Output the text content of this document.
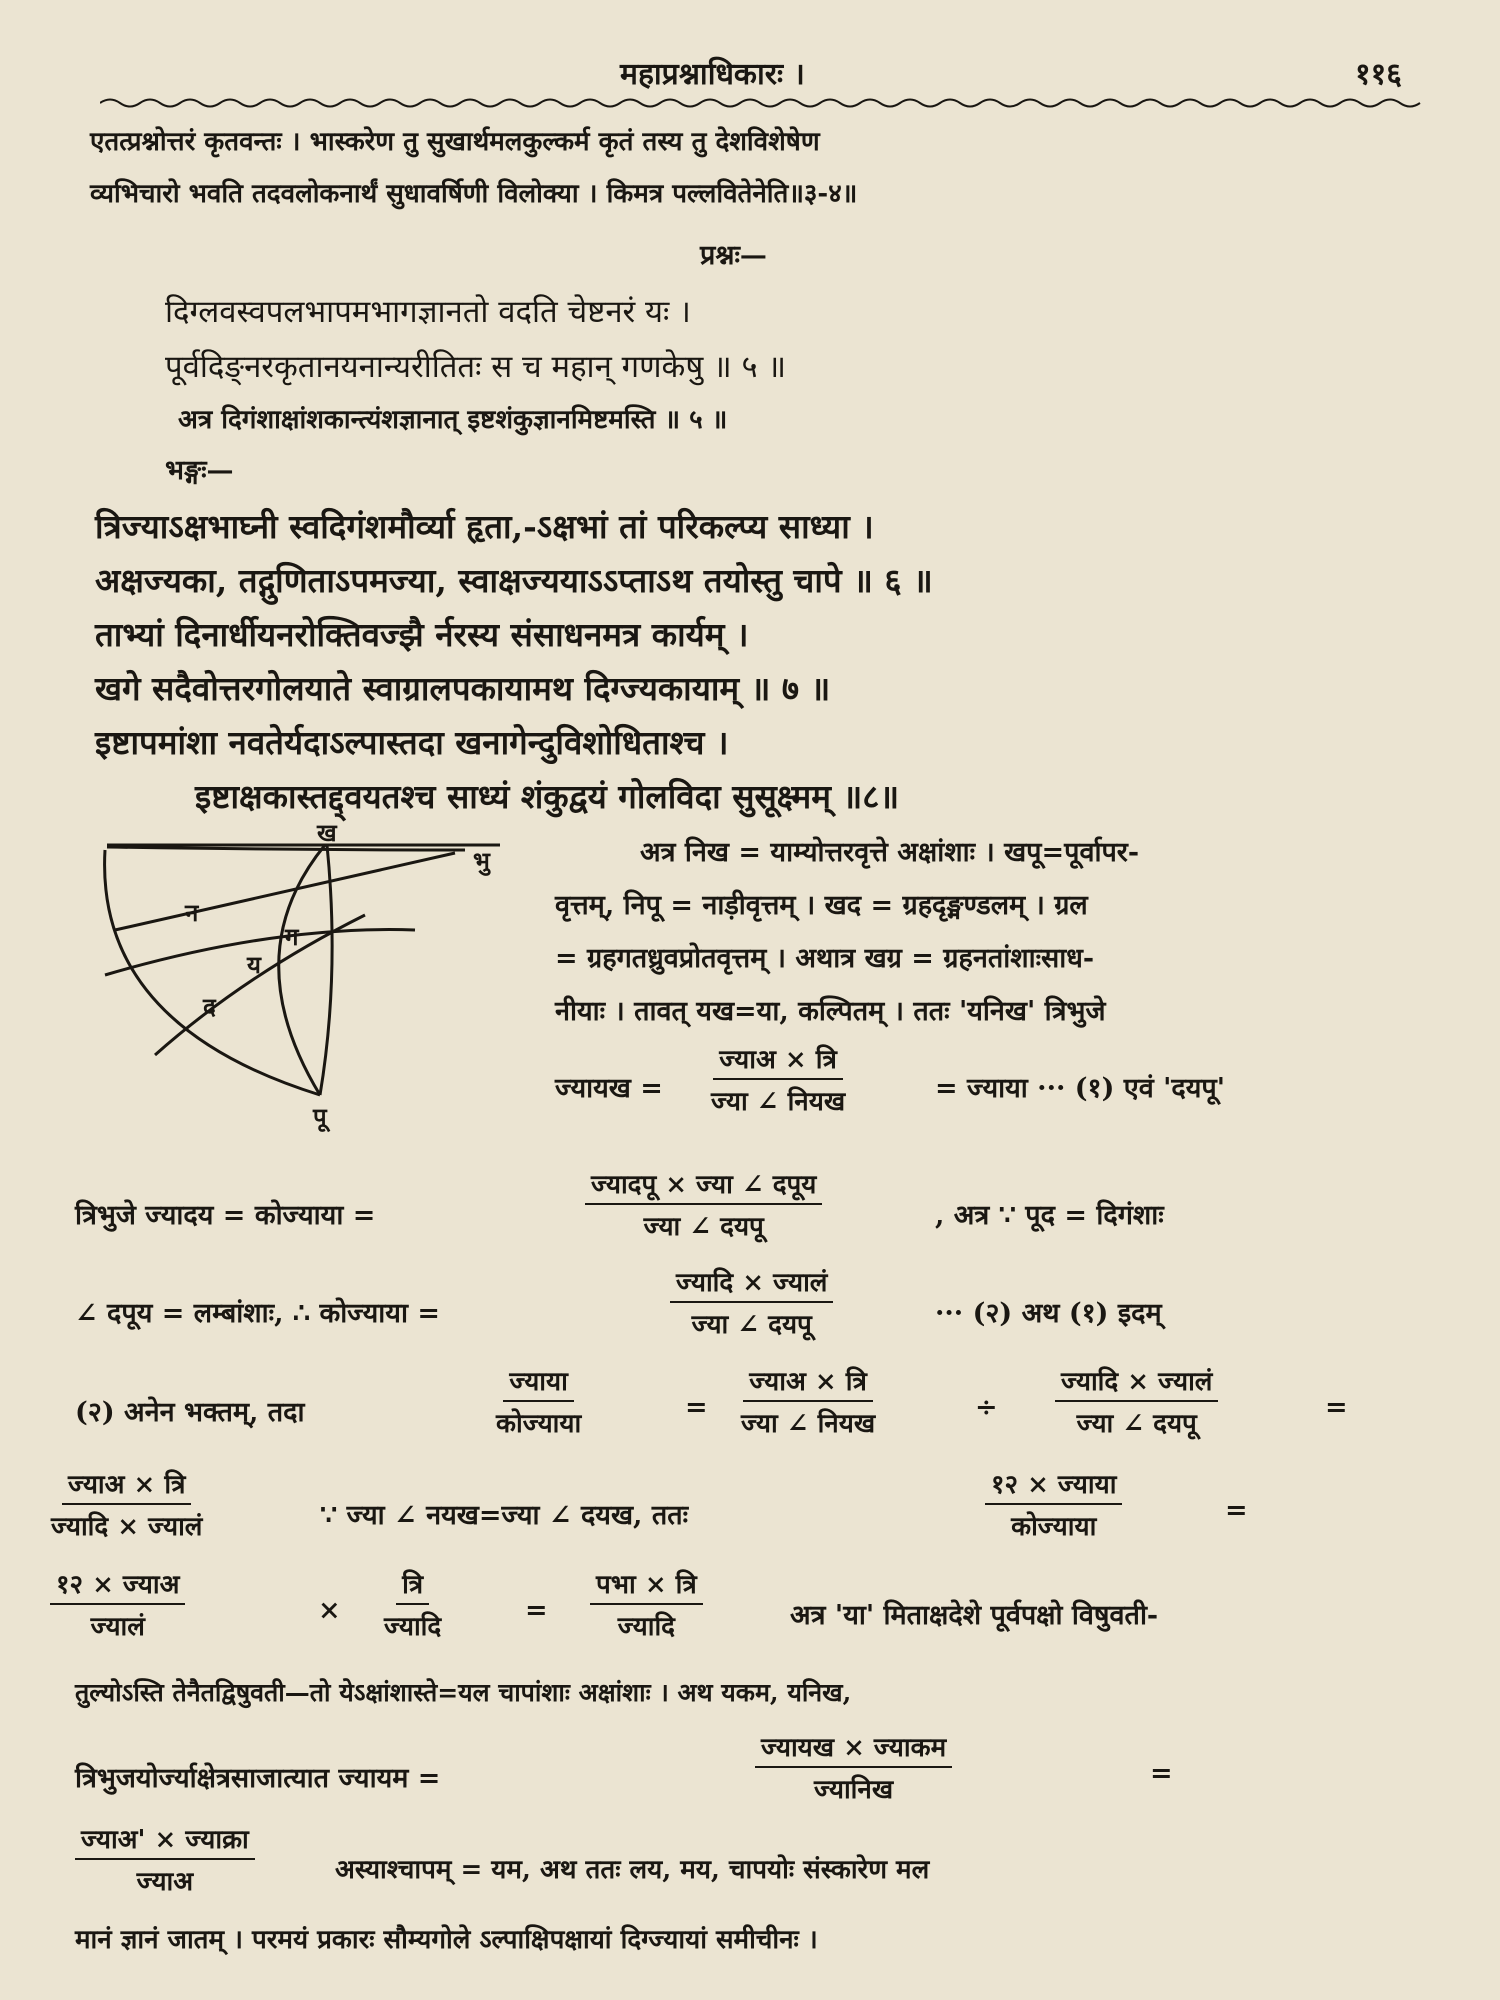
महाप्रश्नाधिकारः ।	११६
एतत्प्रश्नोत्तरं कृतवन्तः । भास्करेण तु सुखार्थमलकुल्कर्म कृतं तस्य तु देशविशेषेण
व्यभिचारो भवति तदवलोकनार्थं सुधावर्षिणी विलोक्या । किमत्र पल्लवितेनेति॥३-४॥
प्रश्नः—
दिग्लवस्वपलभापमभागज्ञानतो वदति चेष्टनरं यः ।
पूर्वदिङ्नरकृतानयनान्यरीतितः स च महान् गणकेषु ॥ ५ ॥
अत्र दिगंशाक्षांशकान्त्यंशज्ञानात् इष्टशंकुज्ञानमिष्टमस्ति ॥ ५ ॥
भङ्गः—
त्रिज्याऽक्षभाघ्नी स्वदिगंशमौर्व्या हृता,-ऽक्षभां तां परिकल्प्य साध्या ।
अक्षज्यका, तद्गुणिताऽपमज्या, स्वाक्षज्ययाऽऽप्ताऽथ तयोस्तु चापे ॥ ६ ॥
ताभ्यां दिनार्धीयनरोक्तिवज्झै र्नरस्य संसाधनमत्र कार्यम् ।
खगे सदैवोत्तरगोलयाते स्वाग्रालपकायामथ दिग्ज्यकायाम् ॥ ७ ॥
इष्टापमांशा नवतेर्यदाऽल्पास्तदा खनागेन्दुविशोधिताश्च ।
इष्टाक्षकास्तद्द्वयतश्च साध्यं शंकुद्वयं गोलविदा सुसूक्ष्मम् ॥८॥
ख
भु
न
ग
य
द
पू
अत्र निख = याम्योत्तरवृत्ते अक्षांशाः । खपू=पूर्वापर-
वृत्तम्, निपू = नाड़ीवृत्तम् । खद = ग्रहदृङ्मण्डलम् । ग्रल
= ग्रहगतध्रुवप्रोतवृत्तम् । अथात्र खग्र = ग्रहनतांशाःसाध-
नीयाः । तावत् यख=या, कल्पितम् । ततः 'यनिख' त्रिभुजे
ज्यायख =
ज्याअ × त्रि
ज्या ∠ नियख	= ज्याया ··· (१) एवं 'दयपू'
त्रिभुजे ज्यादय = कोज्याया =
ज्यादपू × ज्या ∠ दपूय
ज्या ∠ दयपू	, अत्र ∵ पूद = दिगंशाः
∠ दपूय = लम्बांशाः, ∴ कोज्याया =
ज्यादि × ज्यालं
ज्या ∠ दयपू	··· (२) अथ (१) इदम्
(२) अनेन भक्तम्, तदा
ज्याया
कोज्याया
=
ज्याअ × त्रि
ज्या ∠ नियख
÷
ज्यादि × ज्यालं
ज्या ∠ दयपू
=
ज्याअ × त्रि
ज्यादि × ज्यालं	∵ ज्या ∠ नयख=ज्या ∠ दयख, ततः
१२ × ज्याया
कोज्याया
=
१२ × ज्याअ
ज्यालं
×
त्रि
ज्यादि
=
पभा × त्रि
ज्यादि	अत्र 'या' मिताक्षदेशे पूर्वपक्षो विषुवती-
तुल्योऽस्ति तेनैतद्विषुवती—तो येऽक्षांशास्ते=यल चापांशाः अक्षांशाः । अथ यकम, यनिख,
त्रिभुजयोर्ज्याक्षेत्रसाजात्यात ज्यायम =
ज्यायख × ज्याकम
ज्यानिख
=
ज्याअ' × ज्याक्रा
ज्याअ	अस्याश्चापम् = यम, अथ ततः लय, मय, चापयोः संस्कारेण मल
मानं ज्ञानं जातम् । परमयं प्रकारः सौम्यगोले ऽल्पाक्षिपक्षायां दिग्ज्यायां समीचीनः ।
